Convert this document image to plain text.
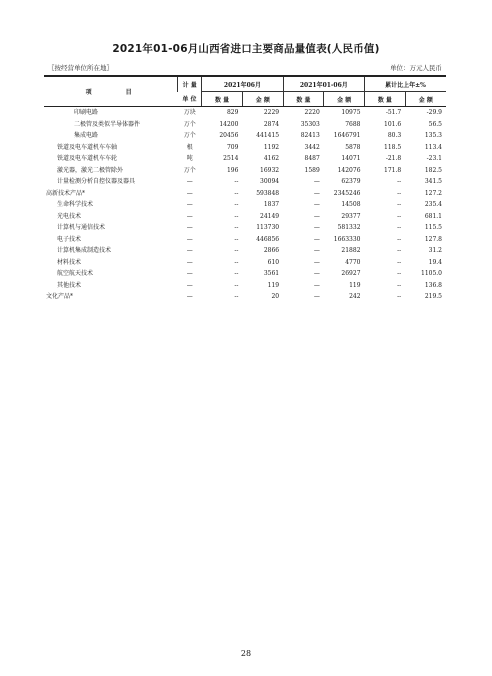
2021年01-06月山西省进口主要商品量值表(人民币值)
〖按经营单位所在地〗	单位：万元人民币
项　目	计 量	2021年06月		2021年01-06月		累计比上年±%	
	单 位	数 量	金 额	数 量	金 额	数 量	金 额
印刷电路	万块	829	2229	2220	10975	-51.7	-29.9
二极管及类似半导体器件	万个	14200	2874	35303	7688	101.6	56.5
集成电路	万个	20456	441415	82413	1646791	80.3	135.3
铁道及电车道机车车轴	根	709	1192	3442	5878	118.5	113.4
铁道及电车道机车车轮	吨	2514	4162	8487	14071	-21.8	-23.1
激光器，激光二极管除外	万个	196	16932	1589	142076	171.8	182.5
计量检测分析自控仪器及器具	—	--	30094	—	62379	--	341.5
高新技术产品*	—	--	593848	—	2345246	--	127.2
生命科学技术	—	--	1837	—	14508	--	235.4
光电技术	—	--	24149	—	29377	--	681.1
计算机与通信技术	—	--	113730	—	581332	--	115.5
电子技术	—	--	446856	—	1663330	--	127.8
计算机集成制造技术	—	--	2866	—	21882	--	31.2
材料技术	—	--	610	—	4770	--	19.4
航空航天技术	—	--	3561	—	26927	--	1105.0
其他技术	—	--	119	—	119	--	136.8
文化产品*	—	--	20	—	242	--	219.5
28
